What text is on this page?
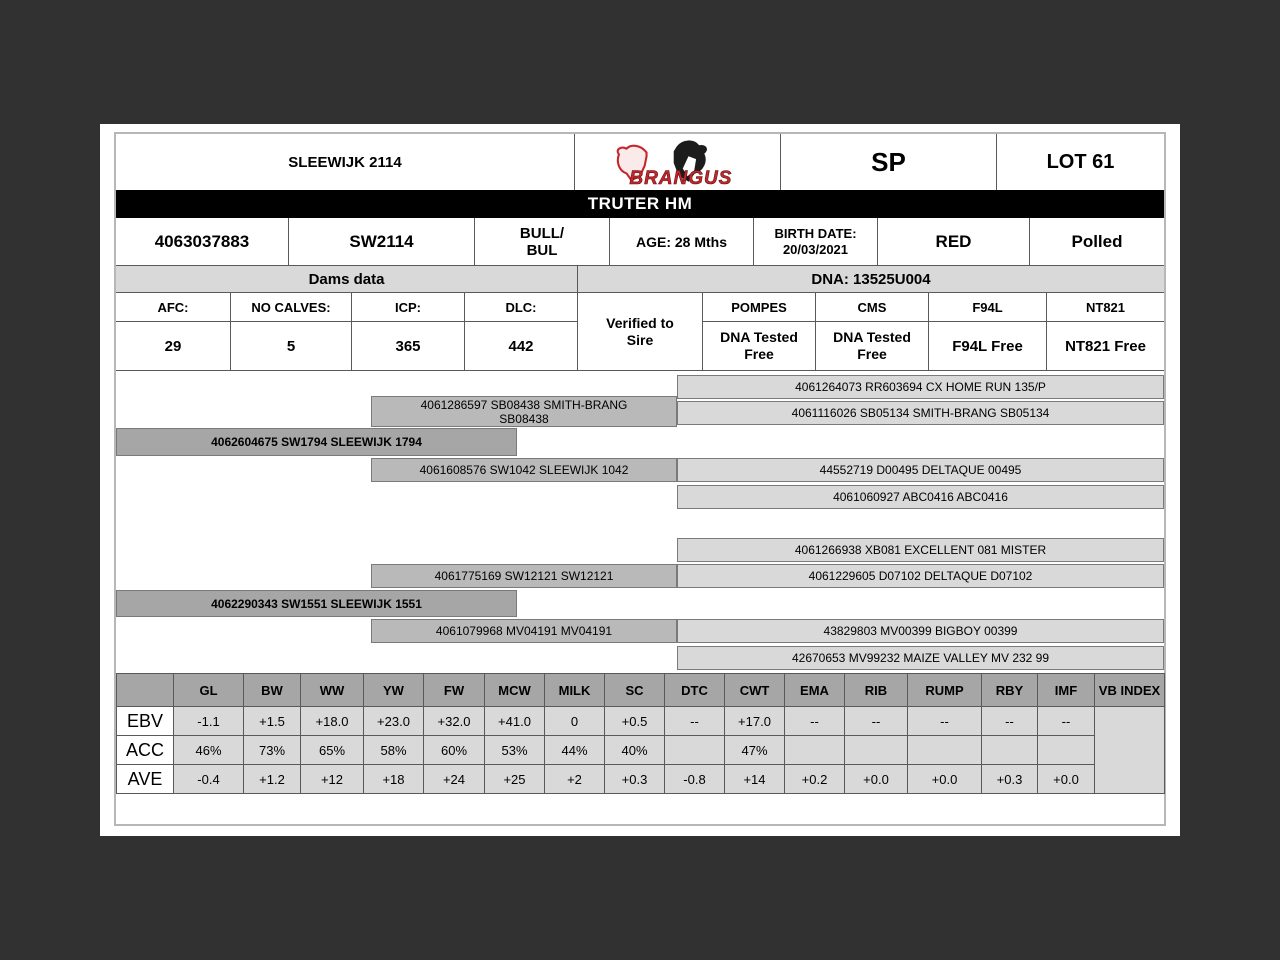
SLEEWIJK 2114
BRANGUS
SP	LOT 61
TRUTER HM
4063037883	SW2114	BULL/
BUL	AGE: 28 Mths
BIRTH DATE:
20/03/2021	RED	Polled
Dams data	DNA: 13525U004
AFC:	NO CALVES:	ICP:	DLC:
Verified to Sire
POMPES	CMS	F94L	NT821
29	5	365	442
DNA Tested Free
DNA Tested Free	F94L Free	NT821 Free
4061264073 RR603694 CX HOME RUN 135/P
4061286597 SB08438 SMITH-BRANG SB08438	4061116026 SB05134 SMITH-BRANG SB05134
4062604675 SW1794 SLEEWIJK 1794
4061608576 SW1042 SLEEWIJK 1042	44552719 D00495 DELTAQUE 00495
4061060927 ABC0416 ABC0416
4061266938 XB081 EXCELLENT 081 MISTER
4061775169 SW12121 SW12121	4061229605 D07102 DELTAQUE D07102
4062290343 SW1551 SLEEWIJK 1551
4061079968 MV04191 MV04191	43829803 MV00399 BIGBOY 00399
42670653 MV99232 MAIZE VALLEY MV 232 99
	GL	BW	WW	YW	FW	MCW	MILK	SC	DTC	CWT	EMA	RIB	RUMP	RBY	IMF	VB INDEX
EBV	-1.1	+1.5	+18.0	+23.0	+32.0	+41.0	0	+0.5	--	+17.0	--	--	--	--	--	
ACC	46%	73%	65%	58%	60%	53%	44%	40%		47%						
AVE	-0.4	+1.2	+12	+18	+24	+25	+2	+0.3	-0.8	+14	+0.2	+0.0	+0.0	+0.3	+0.0	
